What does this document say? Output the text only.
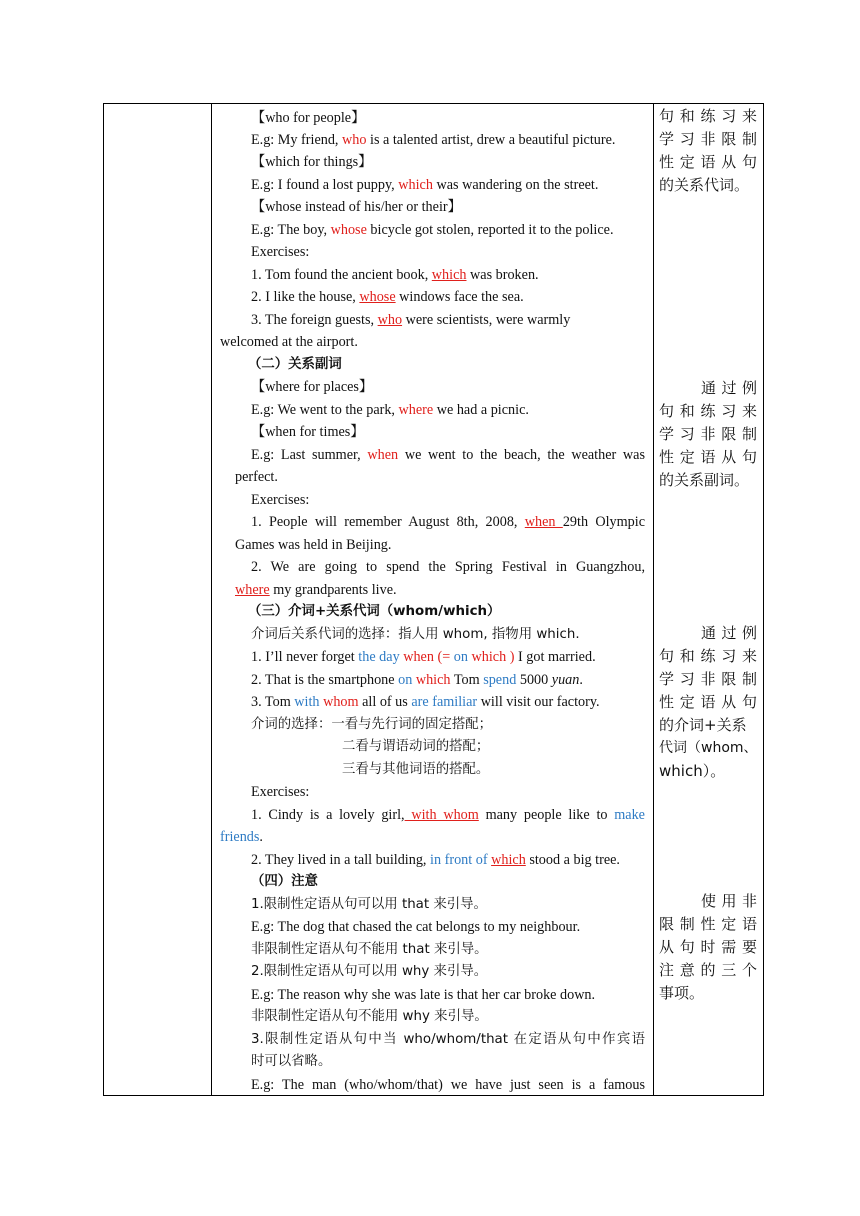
【who for people】
E.g: My friend, who is a talented artist, drew a beautiful picture.
【which for things】
E.g: I found a lost puppy, which was wandering on the street.
【whose instead of his/her or their】
E.g: The boy, whose bicycle got stolen, reported it to the police.
Exercises:
1. Tom found the ancient book, which was broken.
2. I like the house, whose windows face the sea.
3. The foreign guests, who were scientists, were warmly
welcomed at the airport.
（二）关系副词
【where for places】
E.g: We went to the park, where we had a picnic.
【when for times】
E.g: Last summer, when we went to the beach, the weather was
perfect.
Exercises:
1. People will remember August 8th, 2008, when 29th Olympic
Games was held in Beijing.
2. We are going to spend the Spring Festival in Guangzhou,
where my grandparents live.
（三）介词+关系代词（whom/which）
介词后关系代词的选择：指人用 whom, 指物用 which.
1. I’ll never forget the day when (= on which ) I got married.
2. That is the smartphone on which Tom spend 5000 yuan.
3. Tom with whom all of us are familiar will visit our factory.
介词的选择：一看与先行词的固定搭配；
二看与谓语动词的搭配；
三看与其他词语的搭配。
Exercises:
1. Cindy is a lovely girl, with whom many people like to make
friends.
2. They lived in a tall building, in front of which stood a big tree.
（四）注意
1.限制性定语从句可以用 that 来引导。
E.g: The dog that chased the cat belongs to my neighbour.
非限制性定语从句不能用 that 来引导。
2.限制性定语从句可以用 why 来引导。
E.g: The reason why she was late is that her car broke down.
非限制性定语从句不能用 why 来引导。
3.限制性定语从句中当 who/whom/that 在定语从句中作宾语
时可以省略。
E.g: The man (who/whom/that) we have just seen is a famous
句和练习来
学习非限制
性定语从句
的关系代词。
通过例
句和练习来
学习非限制
性定语从句
的关系副词。
通过例
句和练习来
学习非限制
性定语从句
的介词+关系
代词（whom、
which）。
使用非
限制性定语
从句时需要
注意的三个
事项。
